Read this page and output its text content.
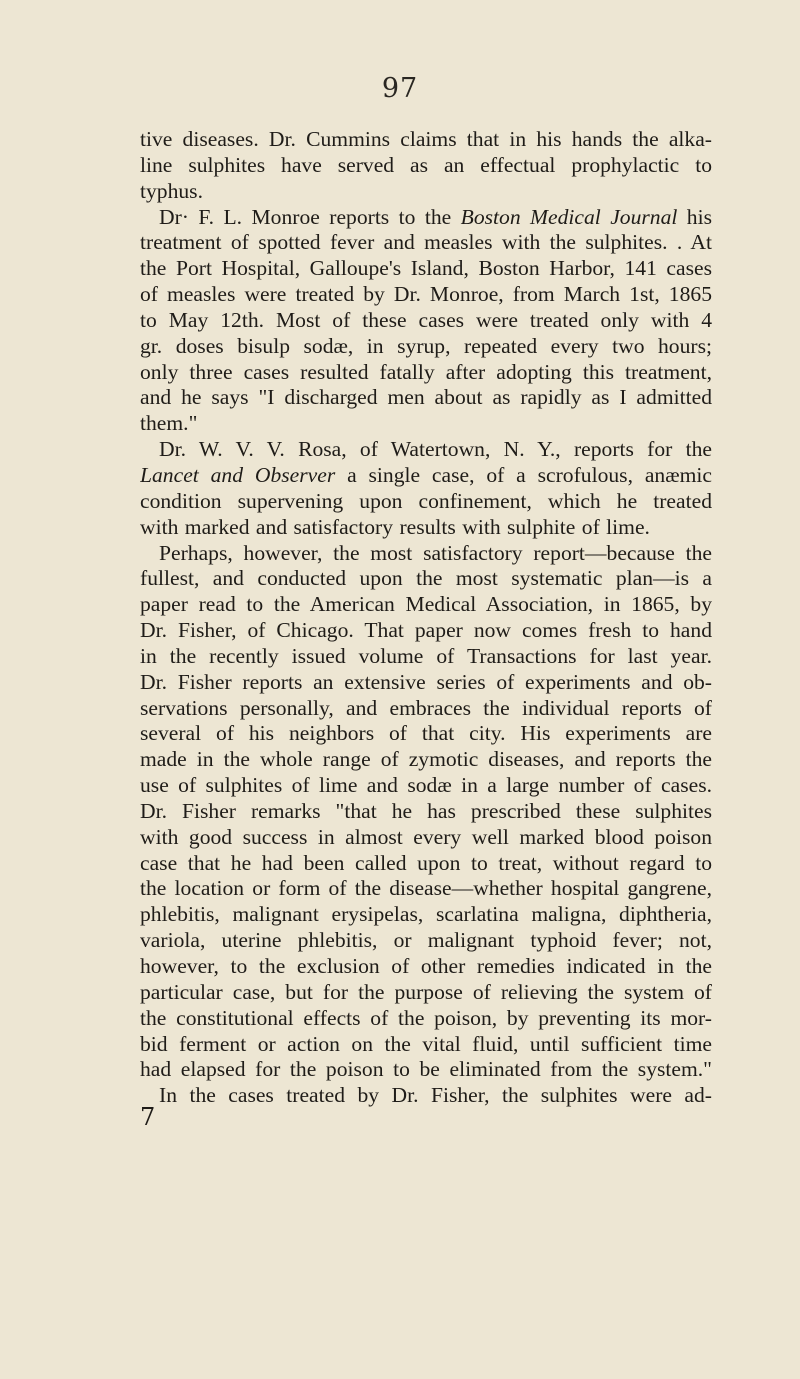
97
tive diseases. Dr. Cummins claims that in his hands the alka-
line sulphites have served as an effectual prophylactic to
typhus.
Dr· F. L. Monroe reports to the Boston Medical Journal his
treatment of spotted fever and measles with the sulphites. . At
the Port Hospital, Galloupe's Island, Boston Harbor, 141 cases
of measles were treated by Dr. Monroe, from March 1st, 1865
to May 12th. Most of these cases were treated only with 4
gr. doses bisulp sodæ, in syrup, repeated every two hours;
only three cases resulted fatally after adopting this treatment,
and he says "I discharged men about as rapidly as I admitted
them."
Dr. W. V. V. Rosa, of Watertown, N. Y., reports for the
Lancet and Observer a single case, of a scrofulous, anæmic
condition supervening upon confinement, which he treated
with marked and satisfactory results with sulphite of lime.
Perhaps, however, the most satisfactory report—because the
fullest, and conducted upon the most systematic plan—is a
paper read to the American Medical Association, in 1865, by
Dr. Fisher, of Chicago. That paper now comes fresh to hand
in the recently issued volume of Transactions for last year.
Dr. Fisher reports an extensive series of experiments and ob-
servations personally, and embraces the individual reports of
several of his neighbors of that city. His experiments are
made in the whole range of zymotic diseases, and reports the
use of sulphites of lime and sodæ in a large number of cases.
Dr. Fisher remarks "that he has prescribed these sulphites
with good success in almost every well marked blood poison
case that he had been called upon to treat, without regard to
the location or form of the disease—whether hospital gangrene,
phlebitis, malignant erysipelas, scarlatina maligna, diphtheria,
variola, uterine phlebitis, or malignant typhoid fever; not,
however, to the exclusion of other remedies indicated in the
particular case, but for the purpose of relieving the system of
the constitutional effects of the poison, by preventing its mor-
bid ferment or action on the vital fluid, until sufficient time
had elapsed for the poison to be eliminated from the system."
In the cases treated by Dr. Fisher, the sulphites were ad-
7
